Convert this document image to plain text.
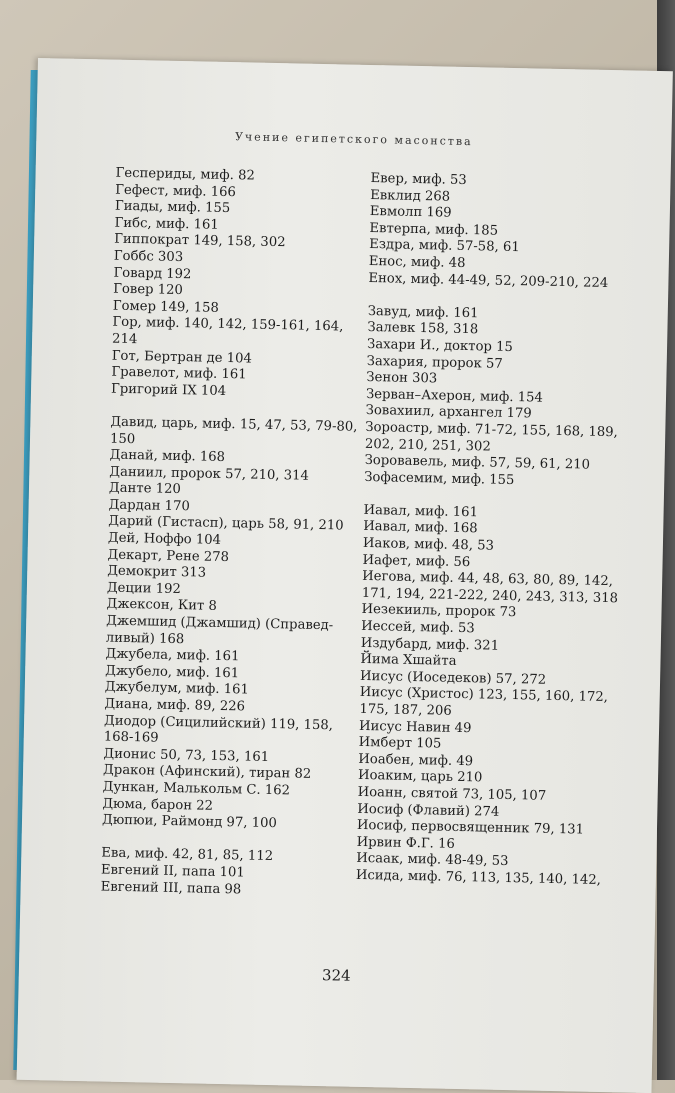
Учение египетского масонства
Геспериды, миф. 82
Гефест, миф. 166
Гиады, миф. 155
Гибс, миф. 161
Гиппократ 149, 158, 302
Гоббс 303
Говард 192
Говер 120
Гомер 149, 158
Гор, миф. 140, 142, 159-161, 164, 214
Гот, Бертран де 104
Гравелот, миф. 161
Григорий IX 104
Давид, царь, миф. 15, 47, 53, 79-80,
150
Данай, миф. 168
Даниил, пророк 57, 210, 314
Данте 120
Дардан 170
Дарий (Гистасп), царь 58, 91, 210
Дей, Ноффо 104
Декарт, Рене 278
Демокрит 313
Деции 192
Джексон, Кит 8
Джемшид (Джамшид) (Справед-
ливый) 168
Джубела, миф. 161
Джубело, миф. 161
Джубелум, миф. 161
Диана, миф. 89, 226
Диодор (Сицилийский) 119, 158,
168-169
Дионис 50, 73, 153, 161
Дракон (Афинский), тиран 82
Дункан, Малькольм С. 162
Дюма, барон 22
Дюпюи, Раймонд 97, 100
Ева, миф. 42, 81, 85, 112
Евгений II, папа 101
Евгений III, папа 98
Евер, миф. 53
Евклид 268
Евмолп 169
Евтерпа, миф. 185
Ездра, миф. 57-58, 61
Енос, миф. 48
Енох, миф. 44-49, 52, 209-210, 224
Завуд, миф. 161
Залевк 158, 318
Захари И., доктор 15
Захария, пророк 57
Зенон 303
Зерван–Ахерон, миф. 154
Зовахиил, архангел 179
Зороастр, миф. 71-72, 155, 168, 189,
202, 210, 251, 302
Зоровавель, миф. 57, 59, 61, 210
Зофасемим, миф. 155
Иавал, миф. 161
Иавал, миф. 168
Иаков, миф. 48, 53
Иафет, миф. 56
Иегова, миф. 44, 48, 63, 80, 89, 142,
171, 194, 221-222, 240, 243, 313, 318
Иезекииль, пророк 73
Иессей, миф. 53
Издубард, миф. 321
Йима Хшайта
Иисус (Иоседеков) 57, 272
Иисус (Христос) 123, 155, 160, 172,
175, 187, 206
Иисус Навин 49
Имберт 105
Иоабен, миф. 49
Иоаким, царь 210
Иоанн, святой 73, 105, 107
Иосиф (Флавий) 274
Иосиф, первосвященник 79, 131
Ирвин Ф.Г. 16
Исаак, миф. 48-49, 53
Исида, миф. 76, 113, 135, 140, 142,
324
